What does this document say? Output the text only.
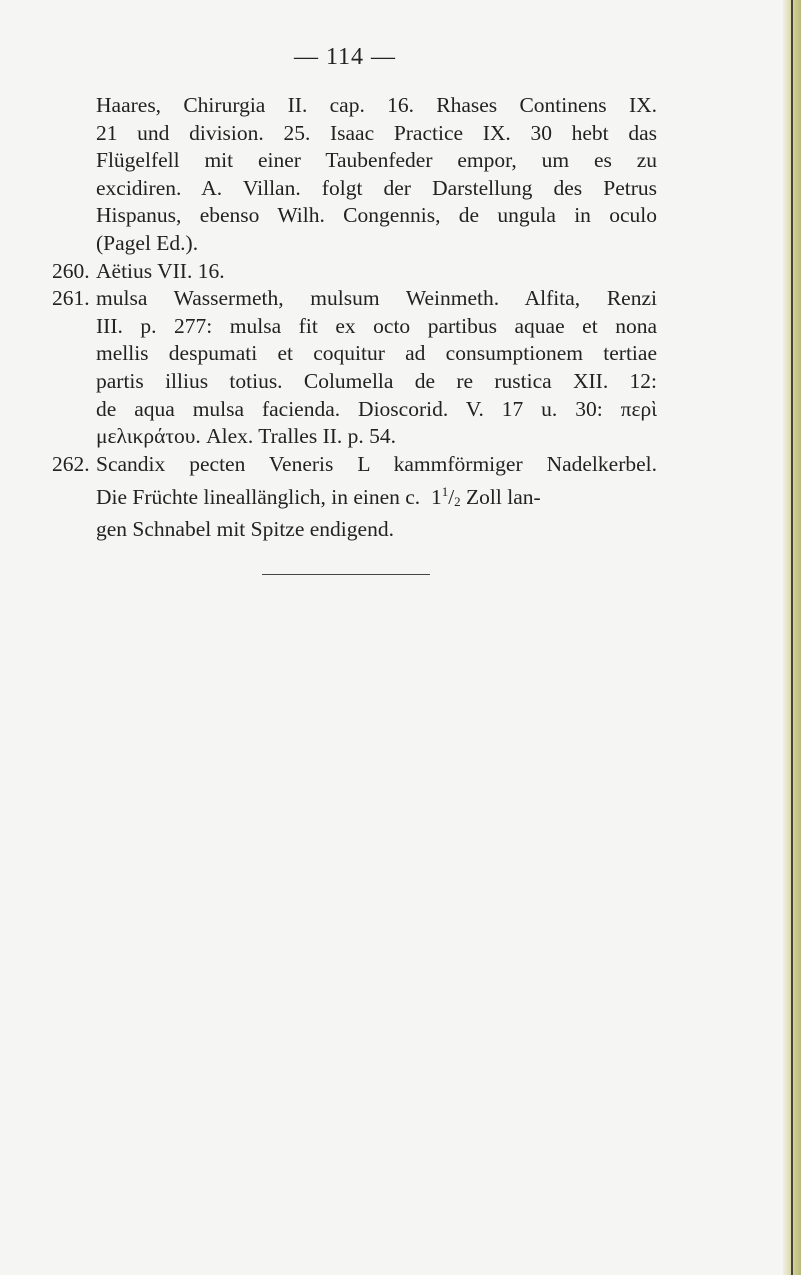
— 114 —
Haares, Chirurgia II. cap. 16. Rhases Continens IX.
21 und division. 25. Isaac Practice IX. 30 hebt das
Flügelfell mit einer Taubenfeder empor, um es zu
excidiren. A. Villan. folgt der Darstellung des Petrus
Hispanus, ebenso Wilh. Congennis, de ungula in oculo
(Pagel Ed.).
260. Aëtius VII. 16.
261. mulsa Wassermeth, mulsum Weinmeth. Alfita, Renzi
III. p. 277: mulsa fit ex octo partibus aquae et nona
mellis despumati et coquitur ad consumptionem tertiae
partis illius totius. Columella de re rustica XII. 12:
de aqua mulsa facienda. Dioscorid. V. 17 u. 30: περὶ
μελικράτου. Alex. Tralles II. p. 54.
262. Scandix pecten Veneris L kammförmiger Nadelkerbel.
Die Früchte lineallänglich, in einen c. $1^1/2$ Zoll lan-
gen Schnabel mit Spitze endigend.
